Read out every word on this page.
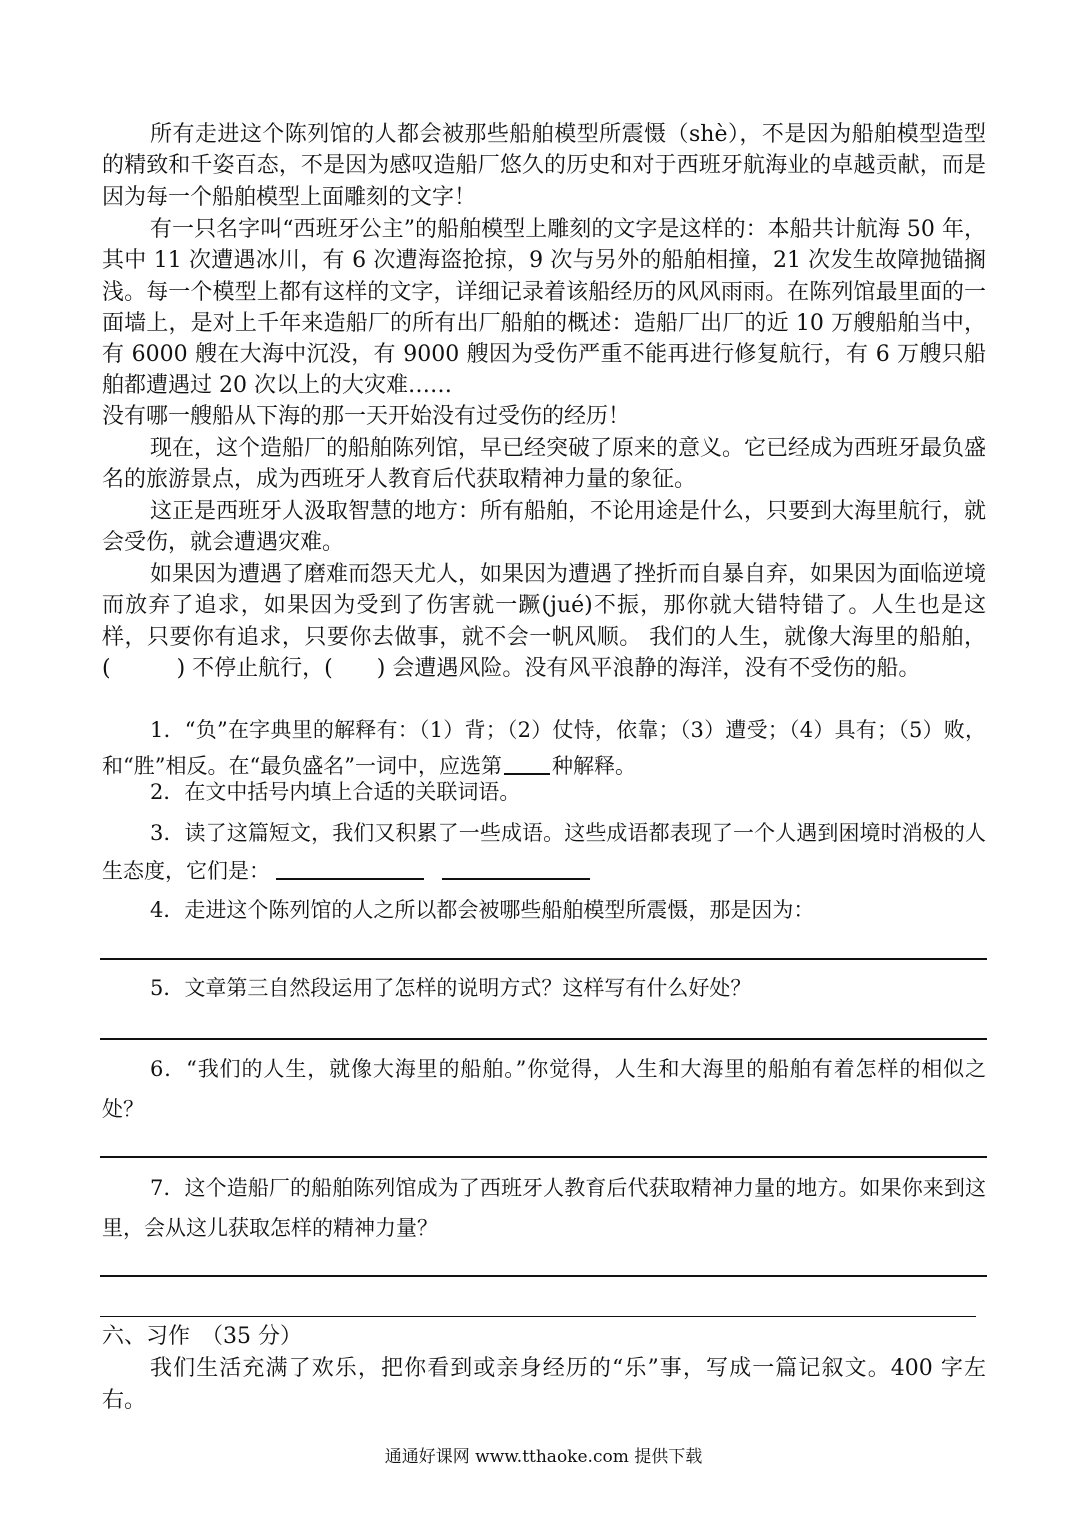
所有走进这个陈列馆的人都会被那些船舶模型所震慑（shè），不是因为船舶模型造型的精致和千姿百态，不是因为感叹造船厂悠久的历史和对于西班牙航海业的卓越贡献，而是因为每一个船舶模型上面雕刻的文字！

有一只名字叫“西班牙公主”的船舶模型上雕刻的文字是这样的：本船共计航海 50 年，其中 11 次遭遇冰川，有 6 次遭海盗抢掠，9 次与另外的船舶相撞，21 次发生故障抛锚搁浅。每一个模型上都有这样的文字，详细记录着该船经历的风风雨雨。在陈列馆最里面的一面墙上，是对上千年来造船厂的所有出厂船舶的概述：造船厂出厂的近 10 万艘船舶当中，有 6000 艘在大海中沉没，有 9000 艘因为受伤严重不能再进行修复航行，有 6 万艘只船舶都遭遇过 20 次以上的大灾难……

没有哪一艘船从下海的那一天开始没有过受伤的经历！

现在，这个造船厂的船舶陈列馆，早已经突破了原来的意义。它已经成为西班牙最负盛名的旅游景点，成为西班牙人教育后代获取精神力量的象征。

这正是西班牙人汲取智慧的地方：所有船舶，不论用途是什么，只要到大海里航行，就会受伤，就会遭遇灾难。

如果因为遭遇了磨难而怨天尤人，如果因为遭遇了挫折而自暴自弃，如果因为面临逆境而放弃了追求，如果因为受到了伤害就一蹶(jué)不振，那你就大错特错了。人生也是这样，只要你有追求，只要你去做事，就不会一帆风顺。 我们的人生，就像大海里的船舶，(　　　) 不停止航行，(　　) 会遭遇风险。没有风平浪静的海洋，没有不受伤的船。

1．“负”在字典里的解释有：（1）背；（2）仗恃，依靠；（3）遭受；（4）具有；（5）败，和“胜”相反。在“最负盛名”一词中，应选第 种解释。

2．在文中括号内填上合适的关联词语。

3．读了这篇短文，我们又积累了一些成语。这些成语都表现了一个人遇到困境时消极的人生态度，它们是：

4．走进这个陈列馆的人之所以都会被哪些船舶模型所震慑，那是因为：

5．文章第三自然段运用了怎样的说明方式？这样写有什么好处？

6．“我们的人生，就像大海里的船舶。”你觉得，人生和大海里的船舶有着怎样的相似之处？

7．这个造船厂的船舶陈列馆成为了西班牙人教育后代获取精神力量的地方。如果你来到这里，会从这儿获取怎样的精神力量？

六、习作　（35 分）

我们生活充满了欢乐，把你看到或亲身经历的“乐”事，写成一篇记叙文。400 字左右。

通通好课网 www.tthaoke.com 提供下载
